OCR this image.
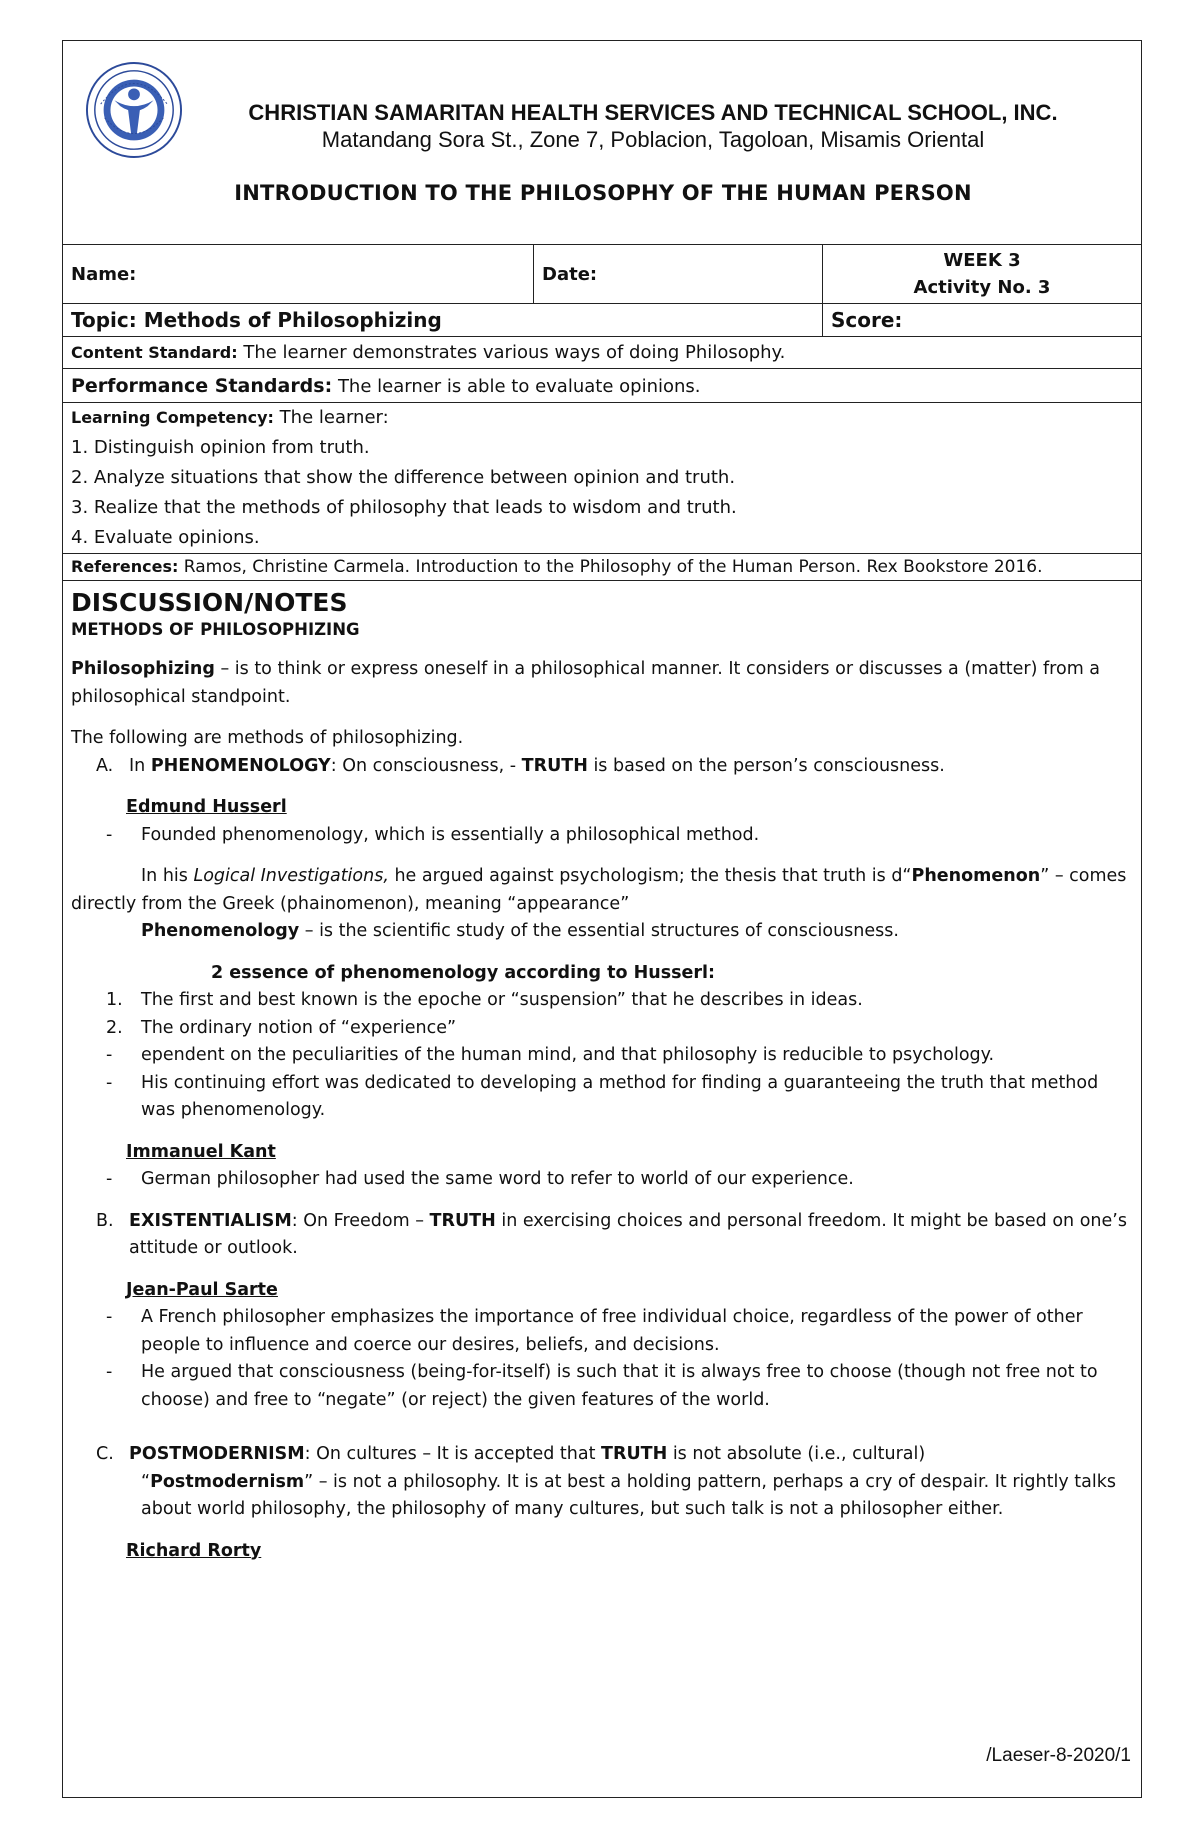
CHRISTIAN SAMARITAN HEALTH SERVICES AND TECHNICAL SCHOOL, INC.
Matandang Sora St., Zone 7, Poblacion, Tagoloan, Misamis Oriental
INTRODUCTION TO THE PHILOSOPHY OF THE HUMAN PERSON
Name:	Date:	WEEK 3
Activity No. 3

Topic: Methods of Philosophizing		Score:
Content Standard: The learner demonstrates various ways of doing Philosophy.		
Performance Standards: The learner is able to evaluate opinions.		

Learning Competency: The learner:
1. Distinguish opinion from truth.
2. Analyze situations that show the difference between opinion and truth.
3. Realize that the methods of philosophy that leads to wisdom and truth.
4. Evaluate opinions.		

References: Ramos, Christine Carmela. Introduction to the Philosophy of the Human Person. Rex Bookstore 2016.		

DISCUSSION/NOTES

METHODS OF PHILOSOPHIZING

Philosophizing – is to think or express oneself in a philosophical manner. It considers or discusses a (matter) from a philosophical standpoint.

The following are methods of philosophizing.

A. In PHENOMENOLOGY: On consciousness, - TRUTH is based on the person’s consciousness.

Edmund Husserl

- Founded phenomenology, which is essentially a philosophical method.

In his Logical Investigations, he argued against psychologism; the thesis that truth is d“Phenomenon” – comes directly from the Greek (phainomenon), meaning “appearance”

Phenomenology – is the scientific study of the essential structures of consciousness.

2 essence of phenomenology according to Husserl:

1. The first and best known is the epoche or “suspension” that he describes in ideas.

2. The ordinary notion of “experience”

- ependent on the peculiarities of the human mind, and that philosophy is reducible to psychology.

- His continuing effort was dedicated to developing a method for finding a guaranteeing the truth that method was phenomenology.

Immanuel Kant

- German philosopher had used the same word to refer to world of our experience.

B. EXISTENTIALISM: On Freedom – TRUTH in exercising choices and personal freedom. It might be based on one’s attitude or outlook.

Jean-Paul Sarte

- A French philosopher emphasizes the importance of free individual choice, regardless of the power of other people to influence and coerce our desires, beliefs, and decisions.

- He argued that consciousness (being-for-itself) is such that it is always free to choose (though not free not to choose) and free to “negate” (or reject) the given features of the world.

C. POSTMODERNISM: On cultures – It is accepted that TRUTH is not absolute (i.e., cultural)

“Postmodernism” – is not a philosophy. It is at best a holding pattern, perhaps a cry of despair. It rightly talks about world philosophy, the philosophy of many cultures, but such talk is not a philosopher either.

Richard Rorty

/Laeser-8-2020/1
